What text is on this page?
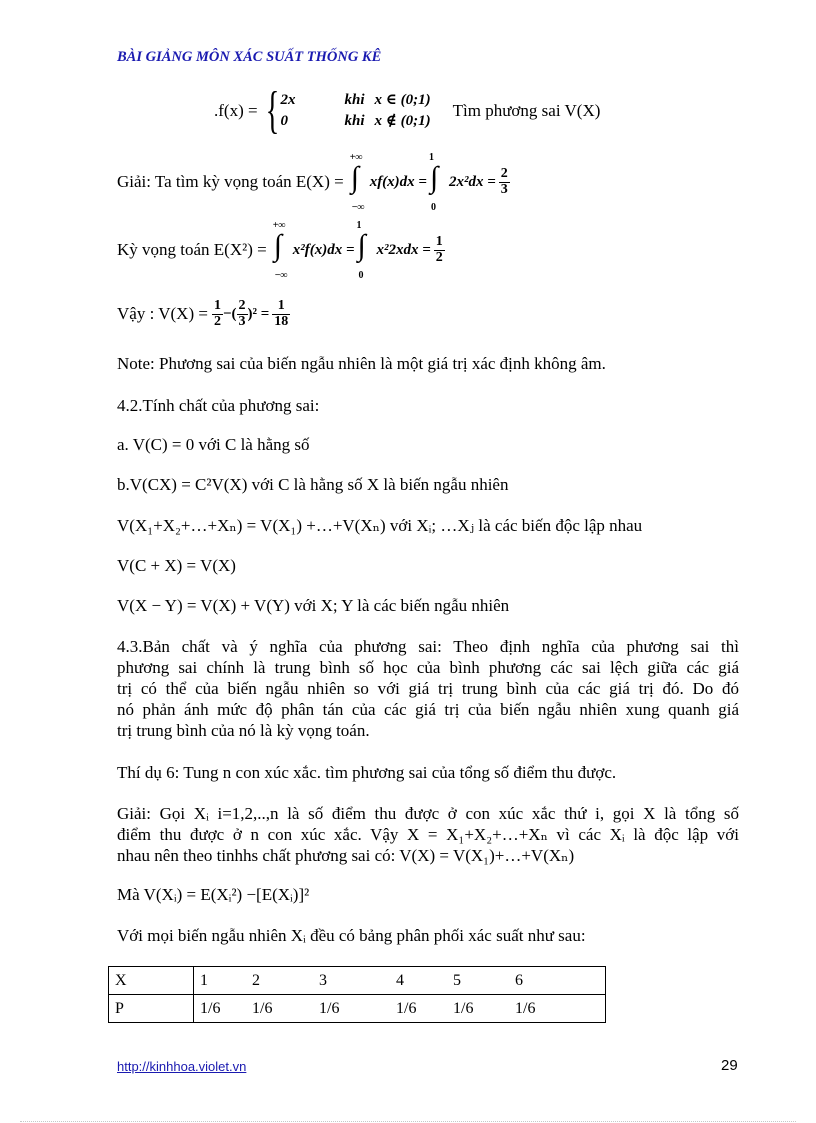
BÀI GIẢNG MÔN XÁC SUẤT THỐNG KÊ
.f(x) = { 2x	khi x ∈ (0;1)
0	khi x ∉ (0;1)
Tìm phương sai V(X)
Giải: Ta tìm kỳ vọng toán E(X) =
+∞
∫
−∞
xf(x)dx =
1
∫
0
$2x^2dx = \frac{2}{3}$
Kỳ vọng toán E(X²) =
+∞
∫
−∞
x²f(x)dx =
1
∫
0
$x^22xdx = \frac{1}{2}$
Vậy : $V(X) = \frac{1}{2}$ −( $\frac{2}{3} )^2 = \frac{1}{18}$
Note: Phương sai của biến ngẫu nhiên là một giá trị xác định không âm.
4.2.Tính chất của phương sai:
a. V(C) = 0 với C là hằng số
b.V(CX) = C²V(X) với C là hằng số X là biến ngẫu nhiên
V(X₁+X₂+…+Xₙ) = V(X₁) +…+V(Xₙ) với Xᵢ; …Xⱼ là các biến độc lập nhau
V(C + X) = V(X)
V(X − Y) = V(X) + V(Y) với X; Y là các biến ngẫu nhiên
4.3.Bản chất và ý nghĩa của phương sai: Theo định nghĩa của phương sai thì
phương sai chính là trung bình số học của bình phương các sai lệch giữa các giá
trị có thể của biến ngẫu nhiên so với giá trị trung bình của các giá trị đó. Do đó
nó phản ánh mức độ phân tán của các giá trị của biến ngẫu nhiên xung quanh giá
trị trung bình của nó là kỳ vọng toán.
Thí dụ 6: Tung n con xúc xắc. tìm phương sai của tổng số điểm thu được.
Giải: Gọi Xᵢ i=1,2,..,n là số điểm thu được ở con xúc xắc thứ i, gọi X là tổng số
điểm thu được ở n con xúc xắc. Vậy X = X₁+X₂+…+Xₙ vì các Xᵢ là độc lập với
nhau nên theo tinhhs chất phương sai có: V(X) = V(X₁)+…+V(Xₙ)
Mà V(Xᵢ) = E(Xᵢ²) −[E(Xᵢ)]²
Với mọi biến ngẫu nhiên Xᵢ đều có bảng phân phối xác suất như sau:
X	1	2	3	4	5	6
P	1/6	1/6	1/6	1/6	1/6	1/6
http://kinhhoa.violet.vn	29
